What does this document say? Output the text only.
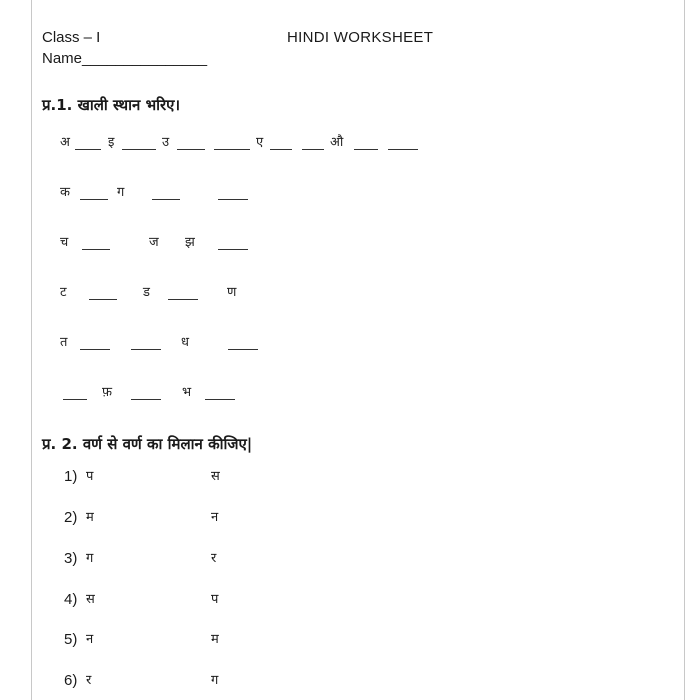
Class – I	HINDI WORKSHEET
Name_______________
प्र.1. खाली स्थान भरिए।
अ	इ	उ	ए	औ
क	ग
च	ज झ
ट	ड	ण
त	ध
फ़	भ
प्र. 2. वर्ण से वर्ण का मिलान कीजिए|
1) प	स
2) म	न
3) ग	र
4) स	प
5) न	म
6) र	ग
